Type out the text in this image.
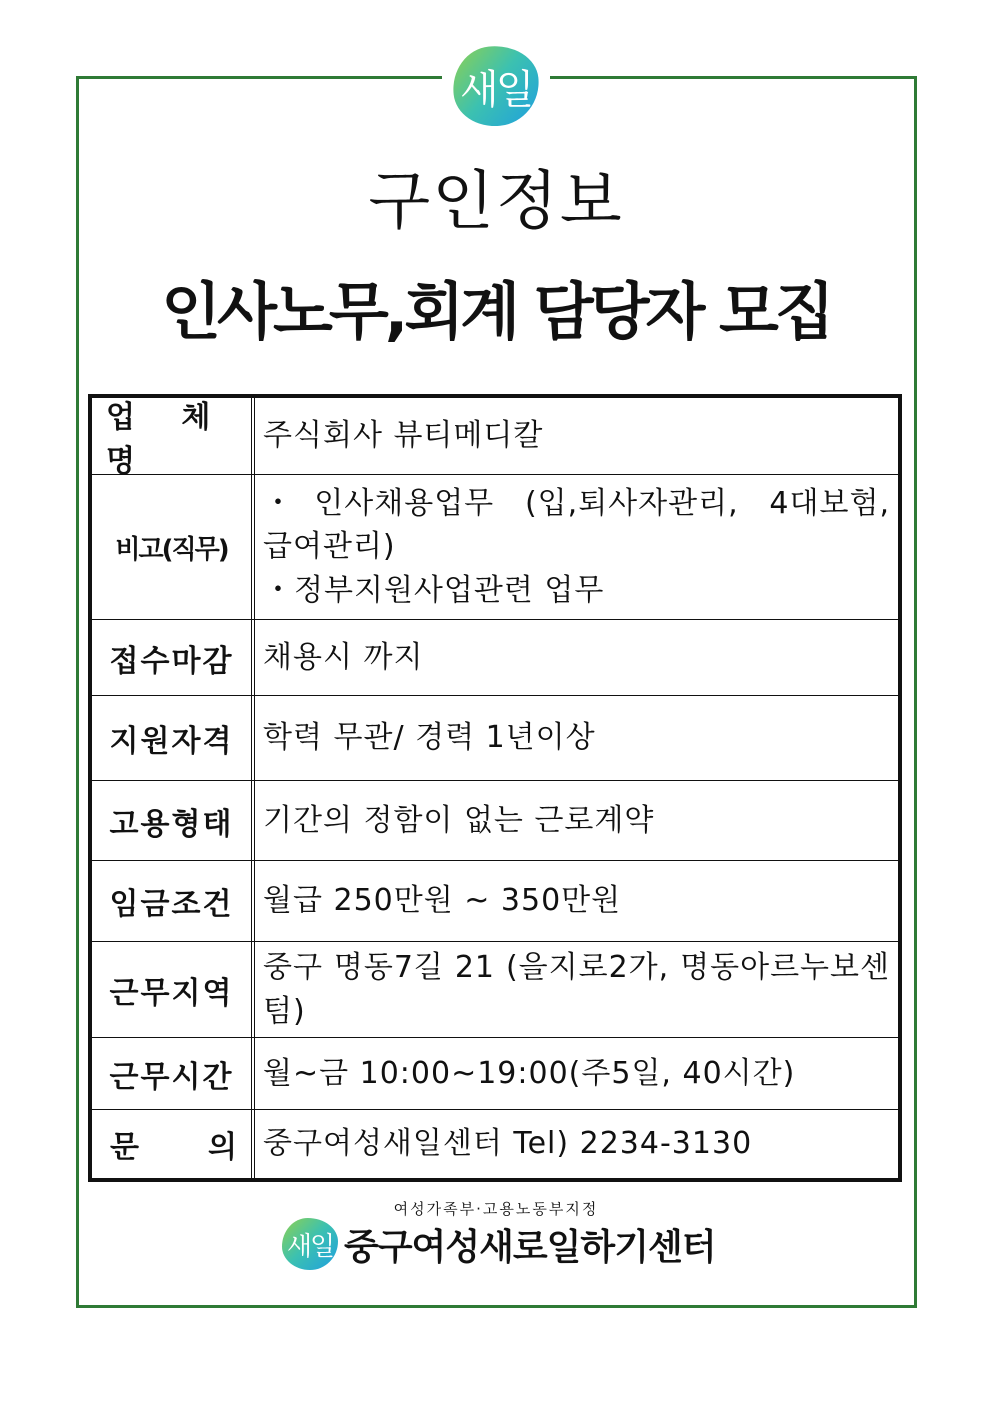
새일
구인정보
인사노무,회계 담당자 모집
업 체 명
주식회사 뷰티메디칼
비고(직무)
・인사채용업무 (입,퇴사자관리, 4대보험,
급여관리)
・정부지원사업관련 업무
접수마감 채용시 까지
지원자격 학력 무관/ 경력 1년이상
고용형태 기간의 정함이 없는 근로계약
임금조건 월급 250만원 ~ 350만원
근무지역
중구 명동7길 21 (을지로2가, 명동아르누보센
텀)
근무시간 월~금 10:00~19:00(주5일, 40시간)
문 의 중구여성새일센터 Tel) 2234-3130
여성가족부·고용노동부지정
새일 중구여성새로일하기센터
